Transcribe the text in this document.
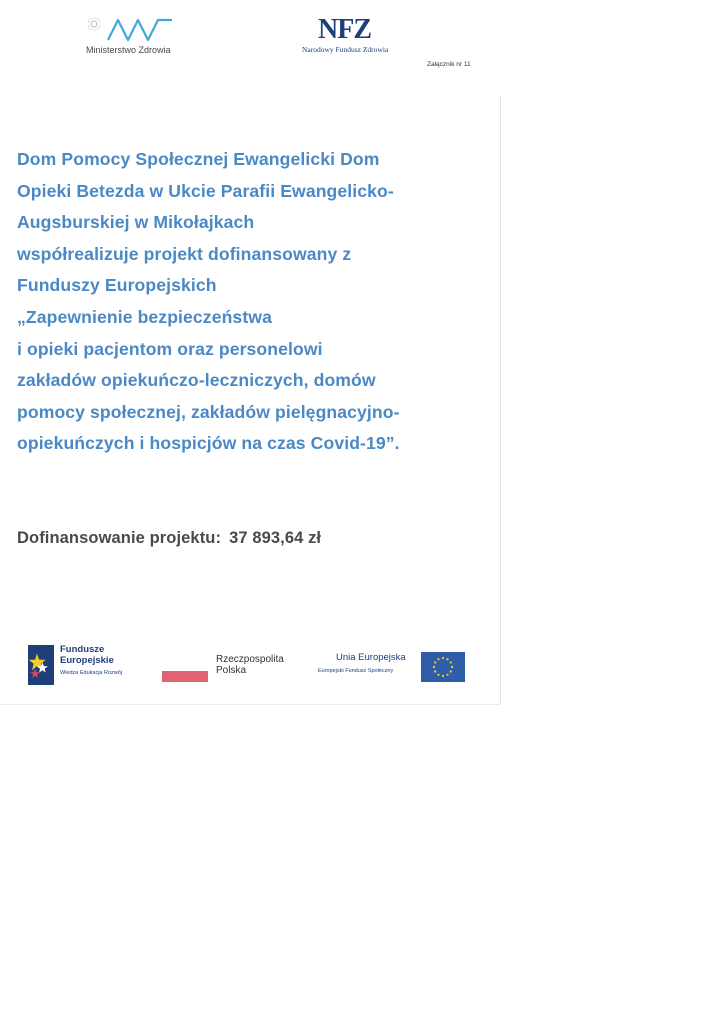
Ministerstwo Zdrowia
NFZ
Narodowy Fundusz Zdrowia
Załącznik nr 11

Dom Pomocy Społecznej Ewangelicki Dom
Opieki Betezda w Ukcie Parafii Ewangelicko-
Augsburskiej w Mikołajkach
współrealizuje projekt dofinansowany z
Funduszy Europejskich
„Zapewnienie bezpieczeństwa
i opieki pacjentom oraz personelowi
zakładów opiekuńczo-leczniczych, domów
pomocy społecznej, zakładów pielęgnacyjno-
opiekuńczych i hospicjów na czas Covid-19”.

Dofinansowanie projektu: 37 893,64 zł
Fundusze
Europejskie
Wiedza Edukacja Rozwój
Rzeczpospolita
Polska
Unia Europejska
Europejski Fundusz Społeczny
